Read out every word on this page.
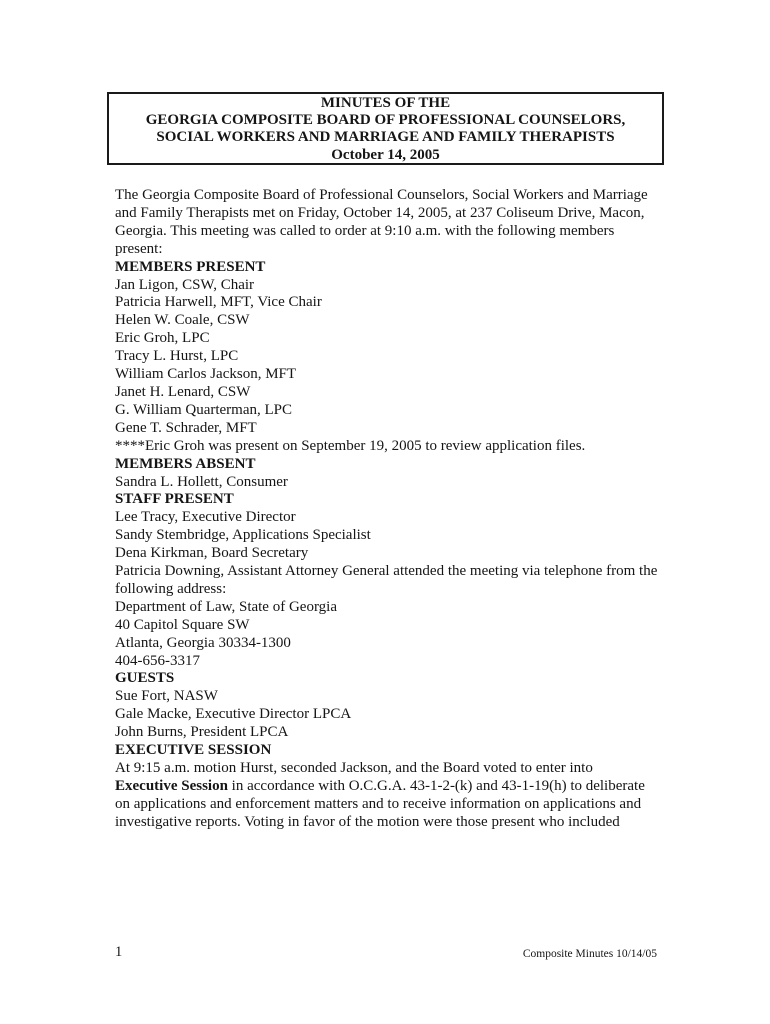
MINUTES OF THE
GEORGIA COMPOSITE BOARD OF PROFESSIONAL COUNSELORS,
SOCIAL WORKERS AND MARRIAGE AND FAMILY THERAPISTS
October 14, 2005

The Georgia Composite Board of Professional Counselors, Social Workers and Marriage and Family Therapists met on Friday, October 14, 2005, at 237 Coliseum Drive, Macon, Georgia. This meeting was called to order at 9:10 a.m. with the following members present:

MEMBERS PRESENT
Jan Ligon, CSW, Chair
Patricia Harwell, MFT, Vice Chair
Helen W. Coale, CSW
Eric Groh, LPC
Tracy L. Hurst, LPC
William Carlos Jackson, MFT
Janet H. Lenard, CSW
G. William Quarterman, LPC
Gene T. Schrader, MFT
****Eric Groh was present on September 19, 2005 to review application files.
MEMBERS ABSENT
Sandra L. Hollett, Consumer
STAFF PRESENT
Lee Tracy, Executive Director
Sandy Stembridge, Applications Specialist
Dena Kirkman, Board Secretary
Patricia Downing, Assistant Attorney General attended the meeting via telephone from the following address:
Department of Law, State of Georgia
40 Capitol Square SW
Atlanta, Georgia 30334-1300
404-656-3317
GUESTS
Sue Fort, NASW
Gale Macke, Executive Director LPCA
John Burns, President LPCA
EXECUTIVE SESSION

At 9:15 a.m. motion Hurst, seconded Jackson, and the Board voted to enter into Executive Session in accordance with O.C.G.A. 43-1-2-(k) and 43-1-19(h) to deliberate on applications and enforcement matters and to receive information on applications and investigative reports. Voting in favor of the motion were those present who included

1	Composite Minutes 10/14/05
